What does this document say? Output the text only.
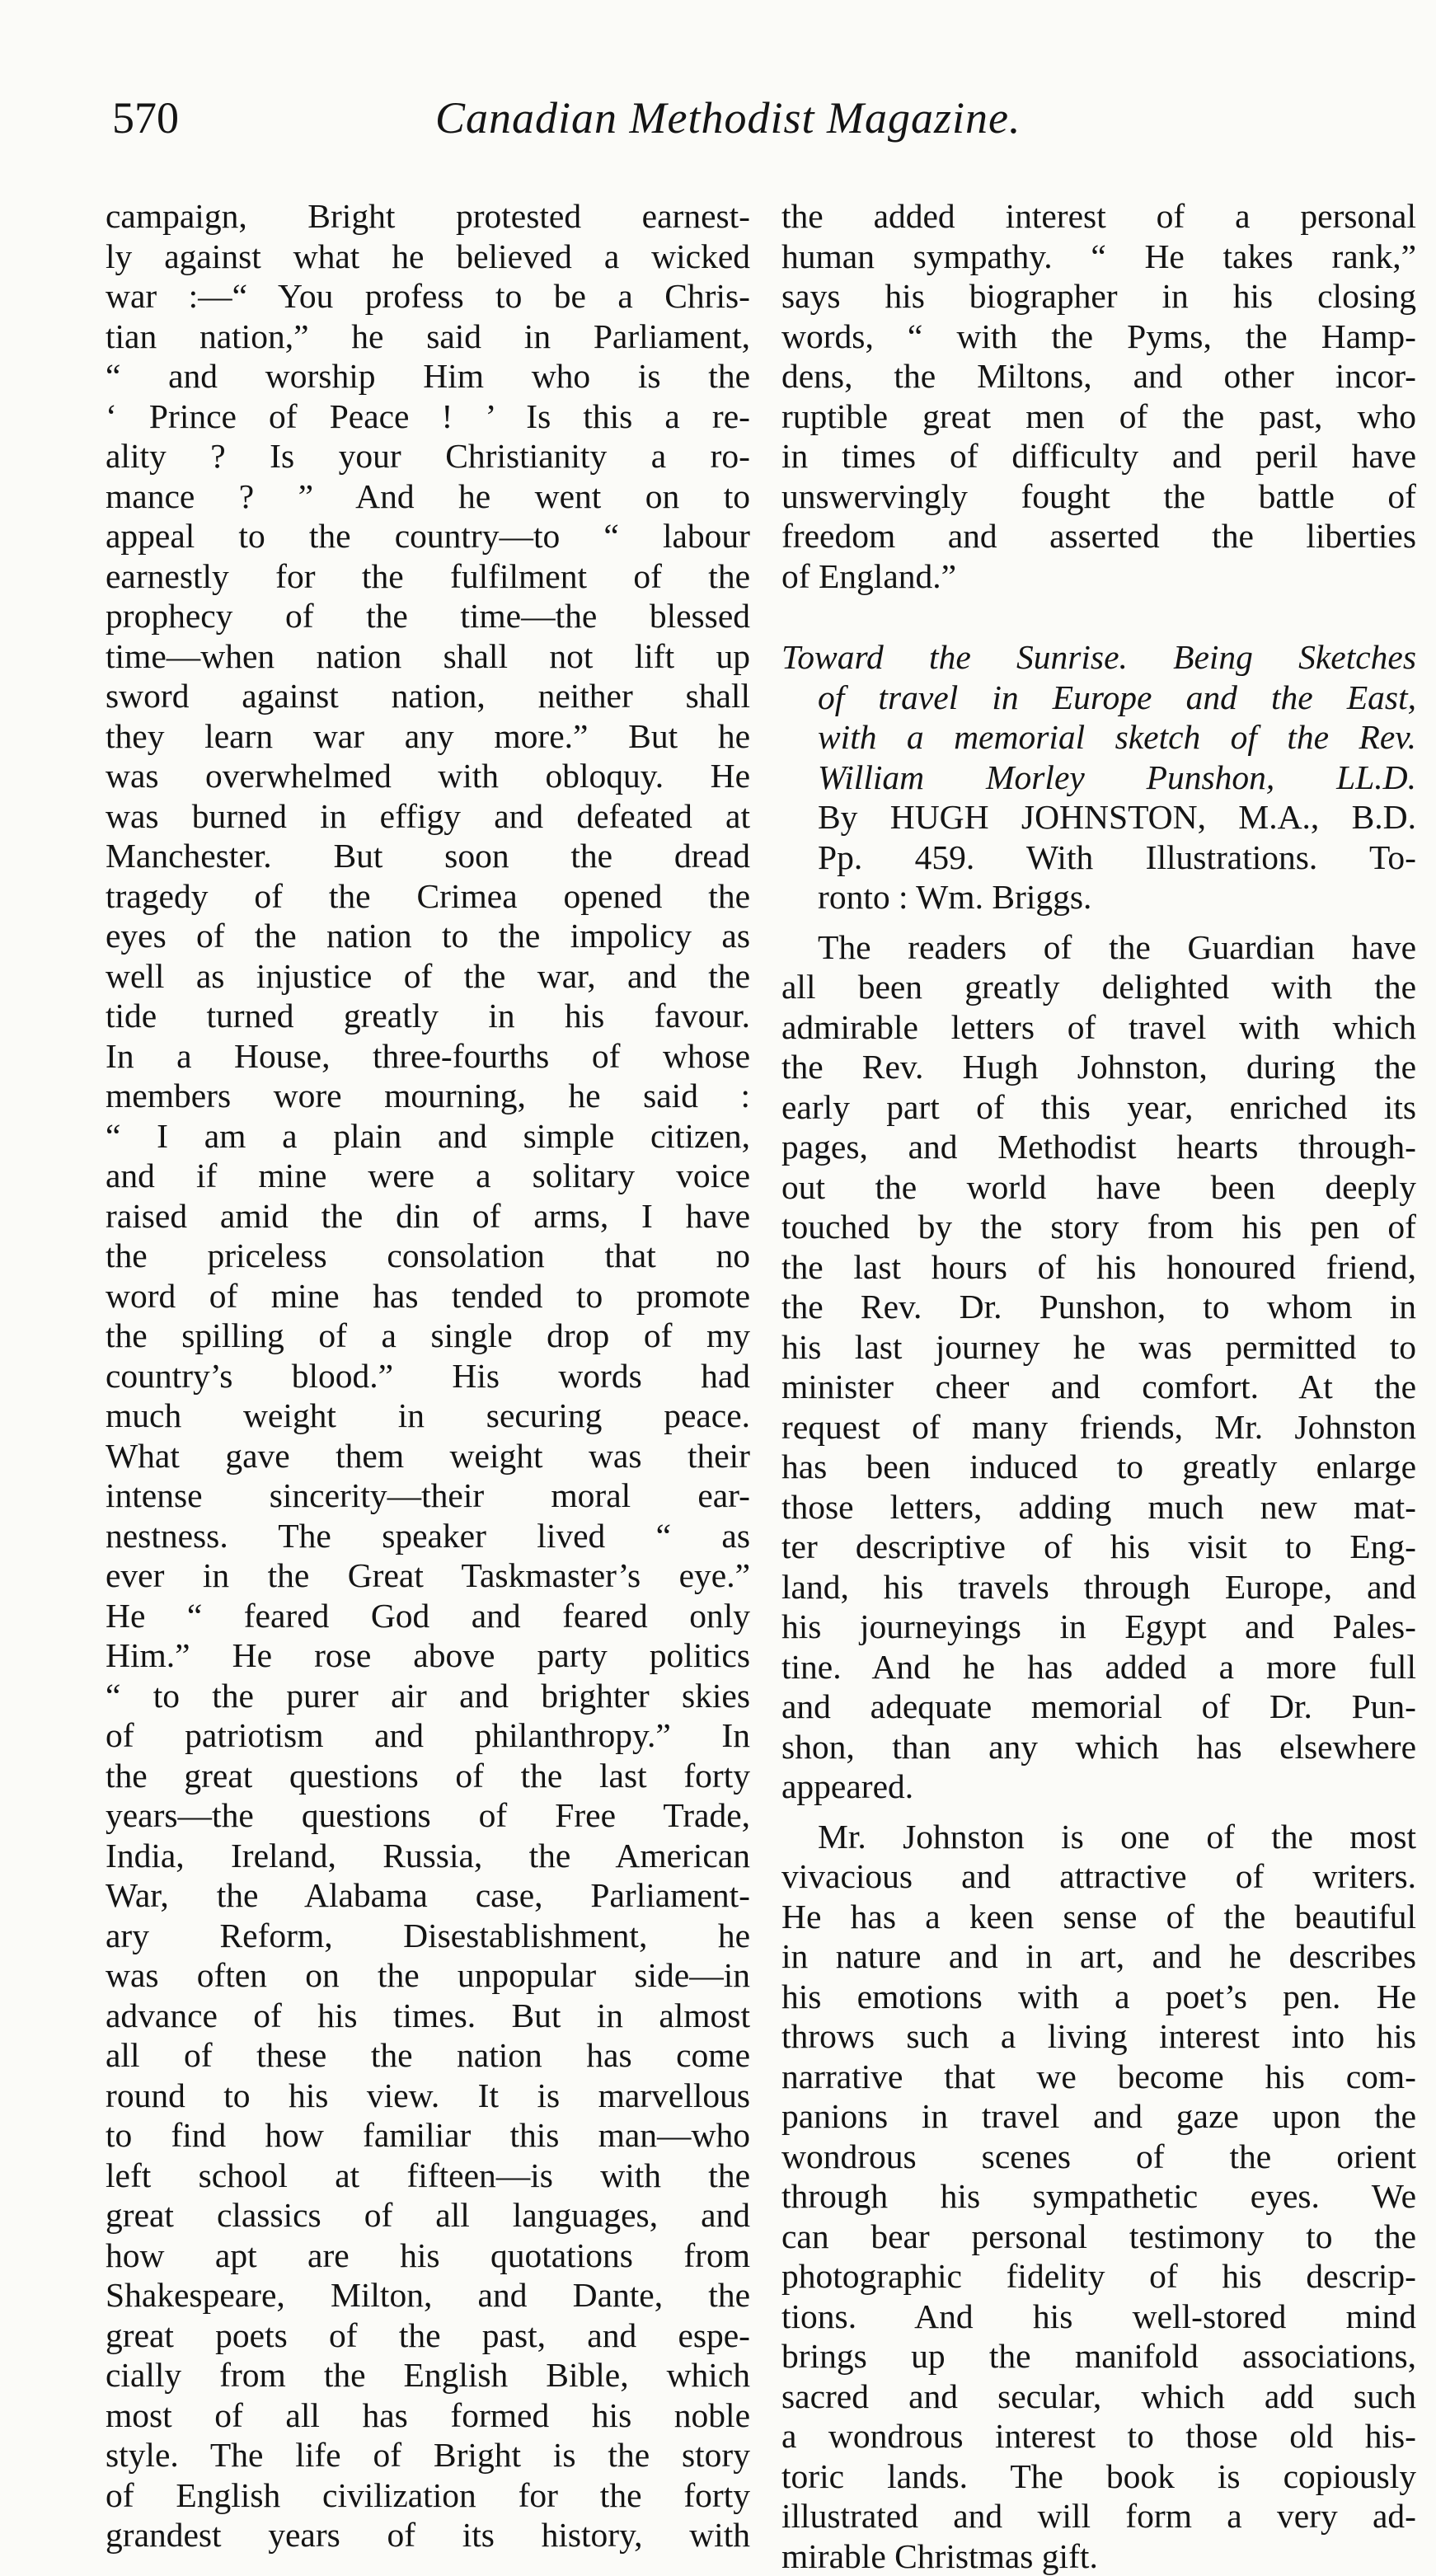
570	Canadian Methodist Magazine.
campaign, Bright protested earnest-
ly against what he believed a wicked
war :—“ You profess to be a Chris-
tian nation,” he said in Parliament,
“ and worship Him who is the
‘ Prince of Peace ! ’ Is this a re-
ality ? Is your Christianity a ro-
mance ? ” And he went on to
appeal to the country—to “ labour
earnestly for the fulfilment of the
prophecy of the time—the blessed
time—when nation shall not lift up
sword against nation, neither shall
they learn war any more.” But he
was overwhelmed with obloquy. He
was burned in effigy and defeated at
Manchester. But soon the dread
tragedy of the Crimea opened the
eyes of the nation to the impolicy as
well as injustice of the war, and the
tide turned greatly in his favour.
In a House, three-fourths of whose
members wore mourning, he said :
“ I am a plain and simple citizen,
and if mine were a solitary voice
raised amid the din of arms, I have
the priceless consolation that no
word of mine has tended to promote
the spilling of a single drop of my
country’s blood.” His words had
much weight in securing peace.
What gave them weight was their
intense sincerity—their moral ear-
nestness. The speaker lived “ as
ever in the Great Taskmaster’s eye.”
He “ feared God and feared only
Him.” He rose above party politics
“ to the purer air and brighter skies
of patriotism and philanthropy.” In
the great questions of the last forty
years—the questions of Free Trade,
India, Ireland, Russia, the American
War, the Alabama case, Parliament-
ary Reform, Disestablishment, he
was often on the unpopular side—in
advance of his times. But in almost
all of these the nation has come
round to his view. It is marvellous
to find how familiar this man—who
left school at fifteen—is with the
great classics of all languages, and
how apt are his quotations from
Shakespeare, Milton, and Dante, the
great poets of the past, and espe-
cially from the English Bible, which
most of all has formed his noble
style. The life of Bright is the story
of English civilization for the forty
grandest years of its history, with
the added interest of a personal
human sympathy. “ He takes rank,”
says his biographer in his closing
words, “ with the Pyms, the Hamp-
dens, the Miltons, and other incor-
ruptible great men of the past, who
in times of difficulty and peril have
unswervingly fought the battle of
freedom and asserted the liberties
of England.”
Toward the Sunrise. Being Sketches
of travel in Europe and the East,
with a memorial sketch of the Rev.
William Morley Punshon, LL.D.
By HUGH JOHNSTON, M.A., B.D.
Pp. 459. With Illustrations. To-
ronto : Wm. Briggs.
The readers of the Guardian have
all been greatly delighted with the
admirable letters of travel with which
the Rev. Hugh Johnston, during the
early part of this year, enriched its
pages, and Methodist hearts through-
out the world have been deeply
touched by the story from his pen of
the last hours of his honoured friend,
the Rev. Dr. Punshon, to whom in
his last journey he was permitted to
minister cheer and comfort. At the
request of many friends, Mr. Johnston
has been induced to greatly enlarge
those letters, adding much new mat-
ter descriptive of his visit to Eng-
land, his travels through Europe, and
his journeyings in Egypt and Pales-
tine. And he has added a more full
and adequate memorial of Dr. Pun-
shon, than any which has elsewhere
appeared.
Mr. Johnston is one of the most
vivacious and attractive of writers.
He has a keen sense of the beautiful
in nature and in art, and he describes
his emotions with a poet’s pen. He
throws such a living interest into his
narrative that we become his com-
panions in travel and gaze upon the
wondrous scenes of the orient
through his sympathetic eyes. We
can bear personal testimony to the
photographic fidelity of his descrip-
tions. And his well-stored mind
brings up the manifold associations,
sacred and secular, which add such
a wondrous interest to those old his-
toric lands. The book is copiously
illustrated and will form a very ad-
mirable Christmas gift.
